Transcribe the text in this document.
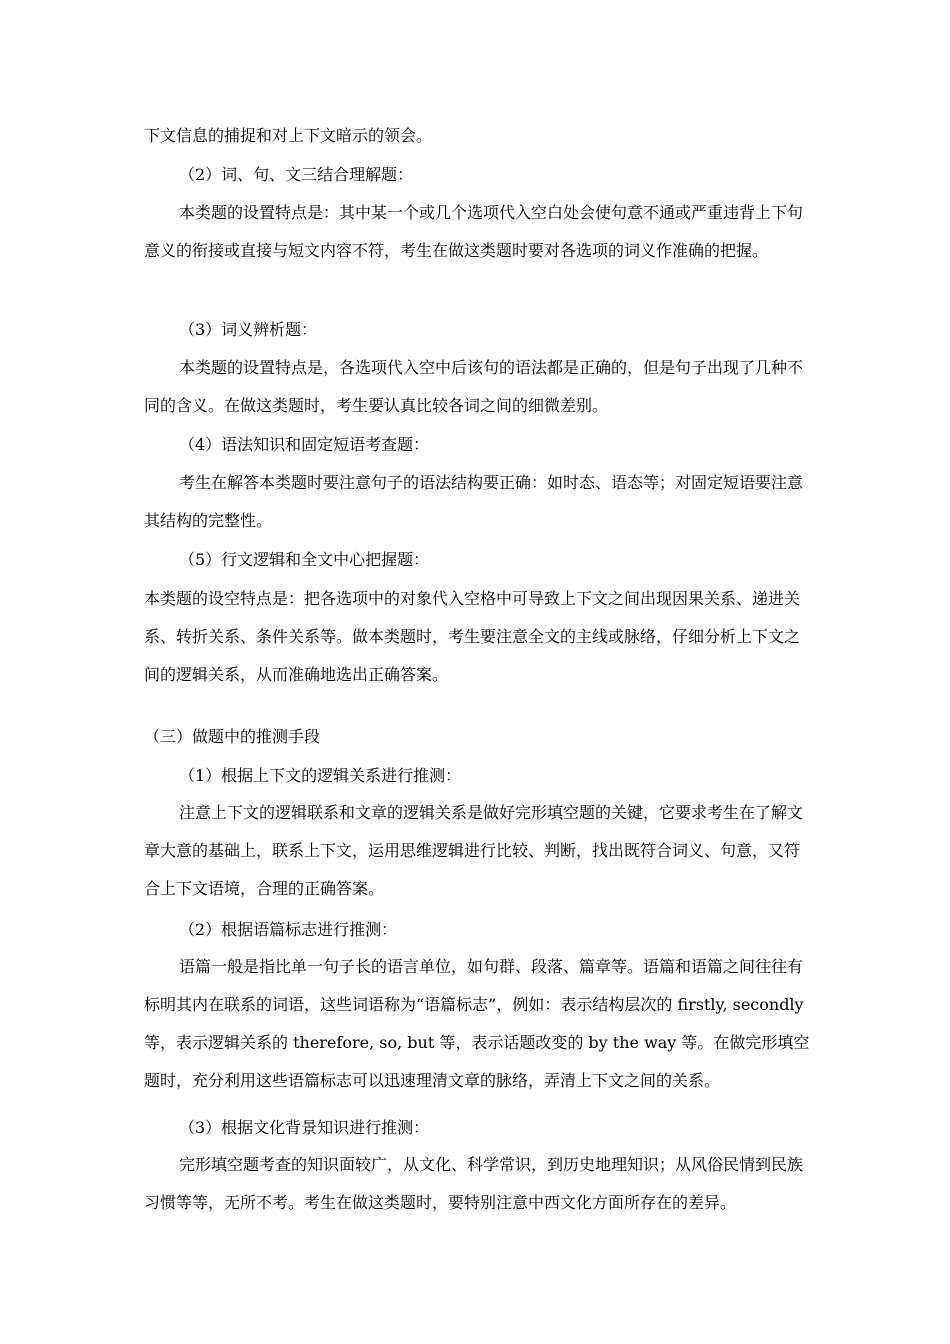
下文信息的捕捉和对上下文暗示的领会。

（2）词、句、文三结合理解题：

本类题的设置特点是：其中某一个或几个选项代入空白处会使句意不通或严重违背上下句意义的衔接或直接与短文内容不符，考生在做这类题时要对各选项的词义作准确的把握。

（3）词义辨析题：

本类题的设置特点是，各选项代入空中后该句的语法都是正确的，但是句子出现了几种不同的含义。在做这类题时，考生要认真比较各词之间的细微差别。

（4）语法知识和固定短语考查题：

考生在解答本类题时要注意句子的语法结构要正确：如时态、语态等；对固定短语要注意其结构的完整性。

（5）行文逻辑和全文中心把握题：

本类题的设空特点是：把各选项中的对象代入空格中可导致上下文之间出现因果关系、递进关系、转折关系、条件关系等。做本类题时，考生要注意全文的主线或脉络，仔细分析上下文之间的逻辑关系，从而准确地选出正确答案。

（三）做题中的推测手段

（1）根据上下文的逻辑关系进行推测：

注意上下文的逻辑联系和文章的逻辑关系是做好完形填空题的关键，它要求考生在了解文章大意的基础上，联系上下文，运用思维逻辑进行比较、判断，找出既符合词义、句意，又符合上下文语境，合理的正确答案。

（2）根据语篇标志进行推测：

语篇一般是指比单一句子长的语言单位，如句群、段落、篇章等。语篇和语篇之间往往有标明其内在联系的词语，这些词语称为“语篇标志”，例如：表示结构层次的 firstly, secondly 等，表示逻辑关系的 therefore, so, but 等，表示话题改变的 by the way 等。在做完形填空题时，充分利用这些语篇标志可以迅速理清文章的脉络，弄清上下文之间的关系。

（3）根据文化背景知识进行推测：

完形填空题考查的知识面较广，从文化、科学常识，到历史地理知识；从风俗民情到民族习惯等等，无所不考。考生在做这类题时，要特别注意中西文化方面所存在的差异。
